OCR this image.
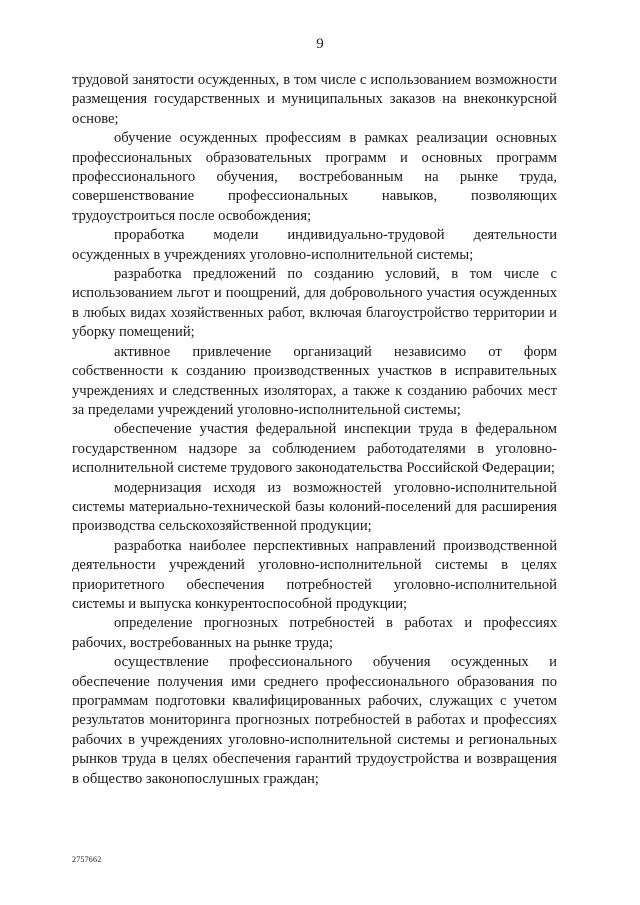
9

трудовой занятости осужденных, в том числе с использованием возможности размещения государственных и муниципальных заказов на внеконкурсной основе;

обучение осужденных профессиям в рамках реализации основных профессиональных образовательных программ и основных программ профессионального обучения, востребованным на рынке труда, совершенствование профессиональных навыков, позволяющих трудоустроиться после освобождения;

проработка модели индивидуально-трудовой деятельности осужденных в учреждениях уголовно-исполнительной системы;

разработка предложений по созданию условий, в том числе с использованием льгот и поощрений, для добровольного участия осужденных в любых видах хозяйственных работ, включая благоустройство территории и уборку помещений;

активное привлечение организаций независимо от форм собственности к созданию производственных участков в исправительных учреждениях и следственных изоляторах, а также к созданию рабочих мест за пределами учреждений уголовно-исполнительной системы;

обеспечение участия федеральной инспекции труда в федеральном государственном надзоре за соблюдением работодателями в уголовно-исполнительной системе трудового законодательства Российской Федерации;

модернизация исходя из возможностей уголовно-исполнительной системы материально-технической базы колоний-поселений для расширения производства сельскохозяйственной продукции;

разработка наиболее перспективных направлений производственной деятельности учреждений уголовно-исполнительной системы в целях приоритетного обеспечения потребностей уголовно-исполнительной системы и выпуска конкурентоспособной продукции;

определение прогнозных потребностей в работах и профессиях рабочих, востребованных на рынке труда;

осуществление профессионального обучения осужденных и обеспечение получения ими среднего профессионального образования по программам подготовки квалифицированных рабочих, служащих с учетом результатов мониторинга прогнозных потребностей в работах и профессиях рабочих в учреждениях уголовно-исполнительной системы и региональных рынков труда в целях обеспечения гарантий трудоустройства и возвращения в общество законопослушных граждан;

2757662
